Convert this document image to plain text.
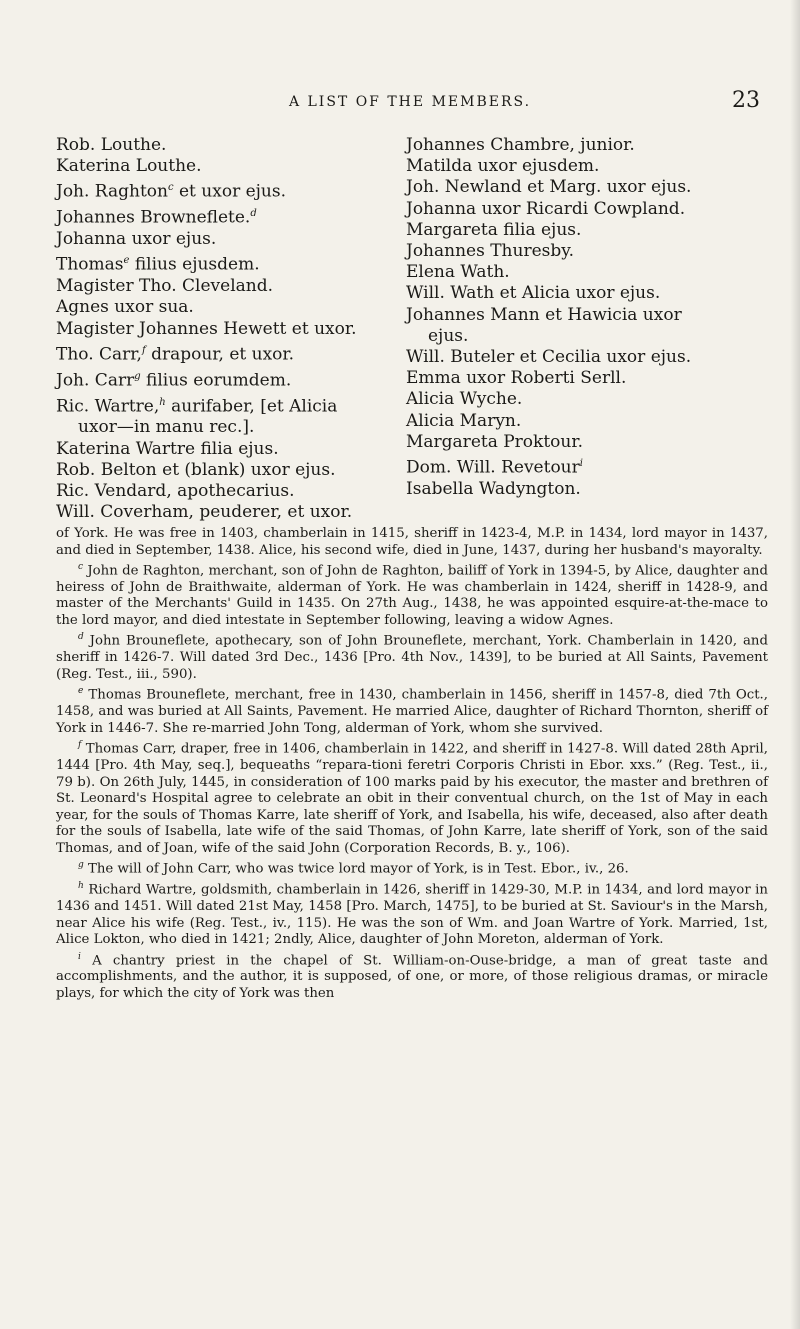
A LIST OF THE MEMBERS.	23
Rob. Louthe.
Katerina Louthe.
Joh. Raghton$^c$ et uxor ejus.
Johannes Browneflete.$^d$
Johanna uxor ejus.
Thomas$^e$ filius ejusdem.
Magister Tho. Cleveland.
Agnes uxor sua.
Magister Johannes Hewett et uxor.
Tho. Carr,$^f$ drapour, et uxor.
Joh. Carr$^g$ filius eorumdem.
Ric. Wartre,$^h$ aurifaber, [et Alicia
uxor—in manu rec.].
Katerina Wartre filia ejus.
Rob. Belton et (blank) uxor ejus.
Ric. Vendard, apothecarius.
Will. Coverham, peuderer, et uxor.
Johannes Chambre, junior.
Matilda uxor ejusdem.
Joh. Newland et Marg. uxor ejus.
Johanna uxor Ricardi Cowpland.
Margareta filia ejus.
Johannes Thuresby.
Elena Wath.
Will. Wath et Alicia uxor ejus.
Johannes Mann et Hawicia uxor
ejus.
Will. Buteler et Cecilia uxor ejus.
Emma uxor Roberti Serll.
Alicia Wyche.
Alicia Maryn.
Margareta Proktour.
Dom. Will. Revetour$^i$
Isabella Wadyngton.

of York. He was free in 1403, chamberlain in 1415, sheriff in 1423-4, M.P. in 1434, lord mayor in 1437, and died in September, 1438. Alice, his second wife, died in June, 1437, during her husband's mayoralty.

$^c$ John de Raghton, merchant, son of John de Raghton, bailiff of York in 1394-5, by Alice, daughter and heiress of John de Braithwaite, alderman of York. He was chamberlain in 1424, sheriff in 1428-9, and master of the Merchants' Guild in 1435. On 27th Aug., 1438, he was appointed esquire-at-the-mace to the lord mayor, and died intestate in September following, leaving a widow Agnes.

$^d$ John Brouneflete, apothecary, son of John Brouneflete, merchant, York. Chamberlain in 1420, and sheriff in 1426-7. Will dated 3rd Dec., 1436 [Pro. 4th Nov., 1439], to be buried at All Saints, Pavement (Reg. Test., iii., 590).

$^e$ Thomas Brouneflete, merchant, free in 1430, chamberlain in 1456, sheriff in 1457-8, died 7th Oct., 1458, and was buried at All Saints, Pavement. He married Alice, daughter of Richard Thornton, sheriff of York in 1446-7. She re-married John Tong, alderman of York, whom she survived.

$^f$ Thomas Carr, draper, free in 1406, chamberlain in 1422, and sheriff in 1427-8. Will dated 28th April, 1444 [Pro. 4th May, seq.], bequeaths “repara-tioni feretri Corporis Christi in Ebor. xxs.” (Reg. Test., ii., 79 b). On 26th July, 1445, in consideration of 100 marks paid by his executor, the master and brethren of St. Leonard's Hospital agree to celebrate an obit in their conventual church, on the 1st of May in each year, for the souls of Thomas Karre, late sheriff of York, and Isabella, his wife, deceased, also after death for the souls of Isabella, late wife of the said Thomas, of John Karre, late sheriff of York, son of the said Thomas, and of Joan, wife of the said John (Corporation Records, B. y., 106).

$^g$ The will of John Carr, who was twice lord mayor of York, is in Test. Ebor., iv., 26.

$^h$ Richard Wartre, goldsmith, chamberlain in 1426, sheriff in 1429-30, M.P. in 1434, and lord mayor in 1436 and 1451. Will dated 21st May, 1458 [Pro. March, 1475], to be buried at St. Saviour's in the Marsh, near Alice his wife (Reg. Test., iv., 115). He was the son of Wm. and Joan Wartre of York. Married, 1st, Alice Lokton, who died in 1421; 2ndly, Alice, daughter of John Moreton, alderman of York.

$^i$ A chantry priest in the chapel of St. William-on-Ouse-bridge, a man of great taste and accomplishments, and the author, it is supposed, of one, or more, of those religious dramas, or miracle plays, for which the city of York was then
